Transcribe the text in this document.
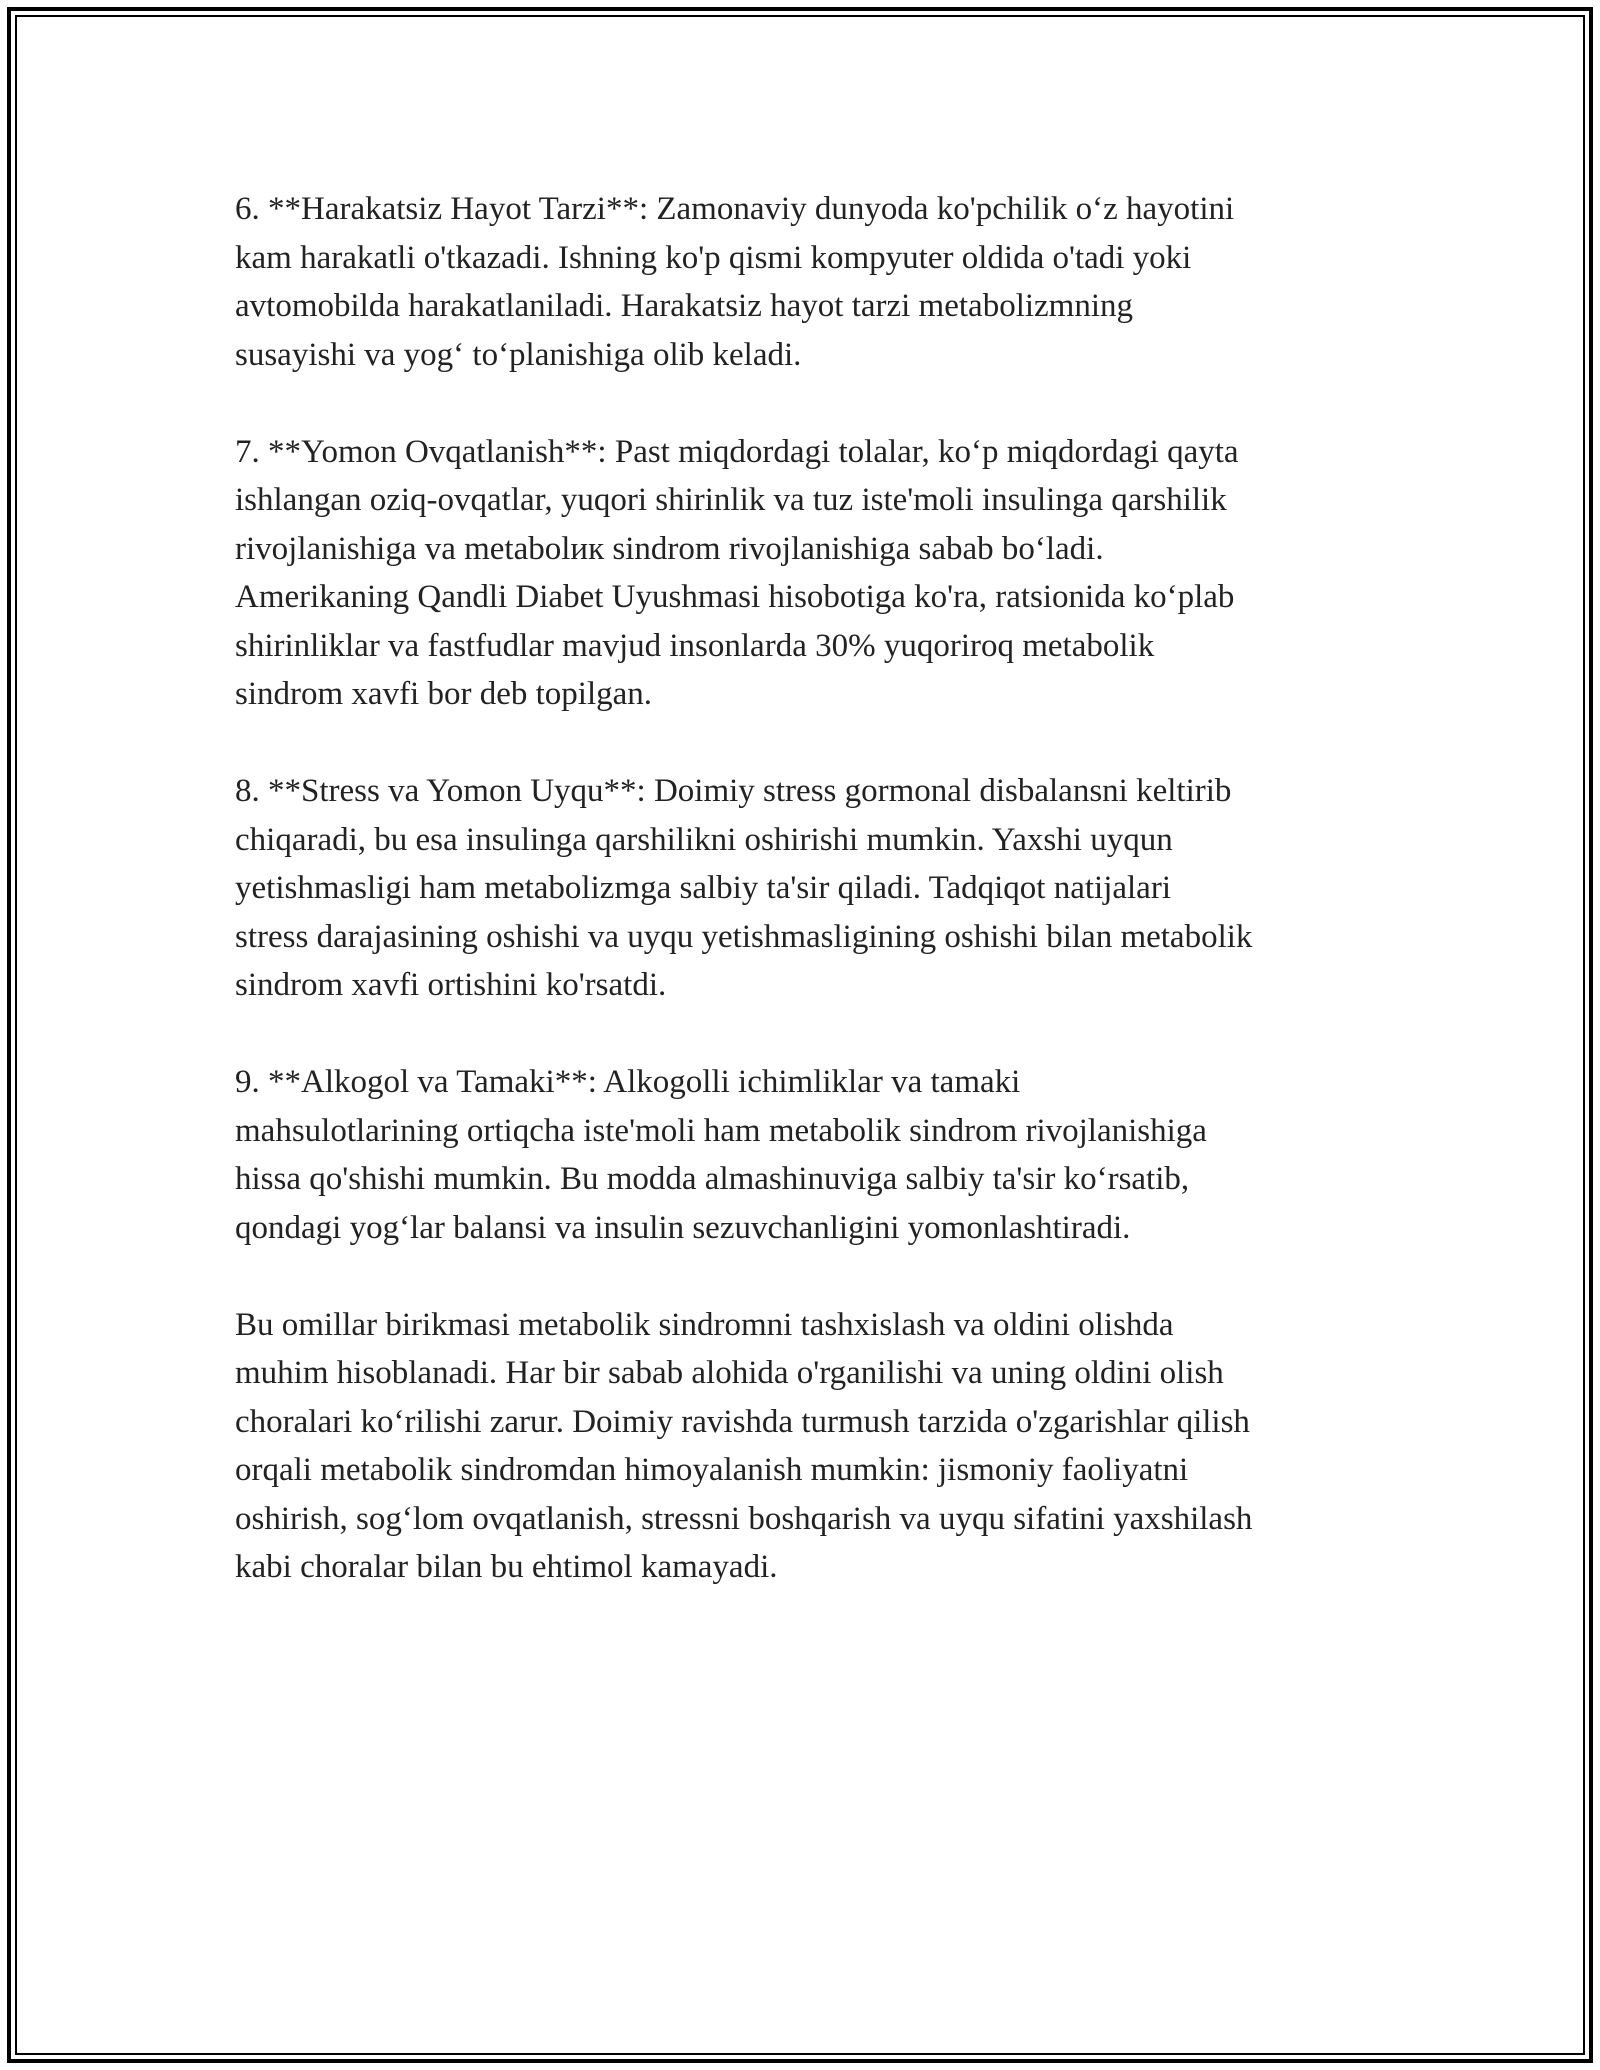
6. **Harakatsiz Hayot Tarzi**: Zamonaviy dunyoda ko'pchilik o‘z hayotini
kam harakatli o'tkazadi. Ishning ko'p qismi kompyuter oldida o'tadi yoki
avtomobilda harakatlaniladi. Harakatsiz hayot tarzi metabolizmning
susayishi va yog‘ to‘planishiga olib keladi.

7. **Yomon Ovqatlanish**: Past miqdordagi tolalar, ko‘p miqdordagi qayta
ishlangan oziq-ovqatlar, yuqori shirinlik va tuz iste'moli insulinga qarshilik
rivojlanishiga va metabolик sindrom rivojlanishiga sabab bo‘ladi.
Amerikaning Qandli Diabet Uyushmasi hisobotiga ko'ra, ratsionida ko‘plab
shirinliklar va fastfudlar mavjud insonlarda 30% yuqoriroq metabolik
sindrom xavfi bor deb topilgan.

8. **Stress va Yomon Uyqu**: Doimiy stress gormonal disbalansni keltirib
chiqaradi, bu esa insulinga qarshilikni oshirishi mumkin. Yaxshi uyqun
yetishmasligi ham metabolizmga salbiy ta'sir qiladi. Tadqiqot natijalari
stress darajasining oshishi va uyqu yetishmasligining oshishi bilan metabolik
sindrom xavfi ortishini ko'rsatdi.

9. **Alkogol va Tamaki**: Alkogolli ichimliklar va tamaki
mahsulotlarining ortiqcha iste'moli ham metabolik sindrom rivojlanishiga
hissa qo'shishi mumkin. Bu modda almashinuviga salbiy ta'sir ko‘rsatib,
qondagi yog‘lar balansi va insulin sezuvchanligini yomonlashtiradi.

Bu omillar birikmasi metabolik sindromni tashxislash va oldini olishda
muhim hisoblanadi. Har bir sabab alohida o'rganilishi va uning oldini olish
choralari ko‘rilishi zarur. Doimiy ravishda turmush tarzida o'zgarishlar qilish
orqali metabolik sindromdan himoyalanish mumkin: jismoniy faoliyatni
oshirish, sog‘lom ovqatlanish, stressni boshqarish va uyqu sifatini yaxshilash
kabi choralar bilan bu ehtimol kamayadi.
